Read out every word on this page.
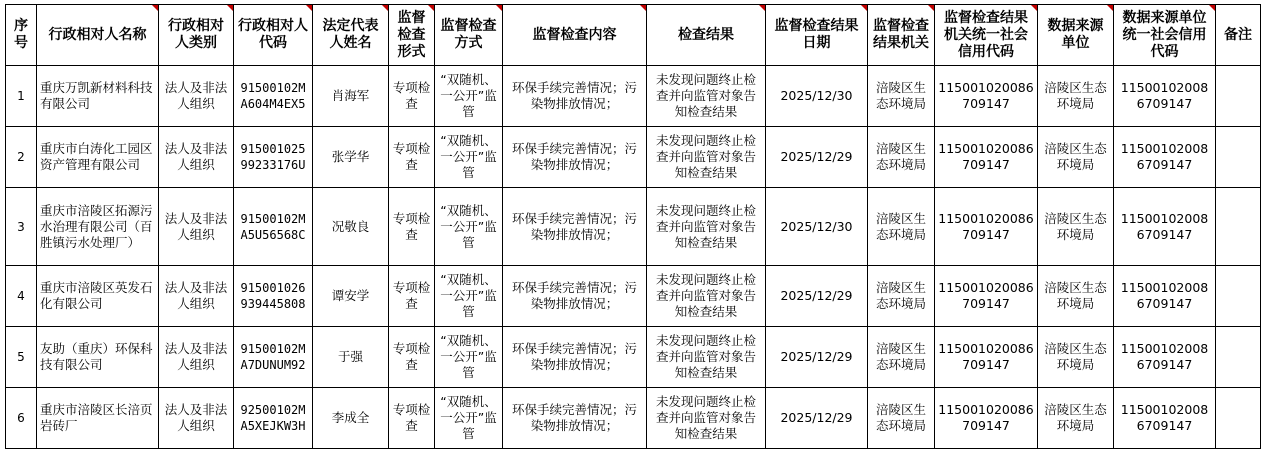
序号	行政相对人名称	行政相对人类别	行政相对人代码	法定代表人姓名	监督检查形式	监督检查方式	监督检查内容	检查结果	监督检查结果日期	监督检查结果机关	监督检查结果机关统一社会信用代码	数据来源单位	数据来源单位统一社会信用代码	备注
1	重庆万凯新材料科技有限公司	法人及非法人组织	91500102MA604M4EX5	肖海军	专项检查	“双随机、一公开”监管	环保手续完善情况；污染物排放情况；	未发现问题终止检查并向监管对象告知检查结果	2025/12/30	涪陵区生态环境局	11500102008670914​7	涪陵区生态环境局	11500102008670914​7	
2	重庆市白涛化工园区资产管理有限公司	法人及非法人组织	91500102599233176U	张学华	专项检查	“双随机、一公开”监管	环保手续完善情况；污染物排放情况；	未发现问题终止检查并向监管对象告知检查结果	2025/12/29	涪陵区生态环境局	115001020086709147	涪陵区生态环境局	115001020086709147	
3	重庆市涪陵区拓源污水治理有限公司（百胜镇污水处理厂）	法人及非法人组织	91500102MA5U56568C	况敬良	专项检查	“双随机、一公开”监管	环保手续完善情况；污染物排放情况；	未发现问题终止检查并向监管对象告知检查结果	2025/12/30	涪陵区生态环境局	115001020086709147	涪陵区生态环境局	115001020086709147	
4	重庆市涪陵区英发石化有限公司	法人及非法人组织	915001026939445808	谭安学	专项检查	“双随机、一公开”监管	环保手续完善情况；污染物排放情况；	未发现问题终止检查并向监管对象告知检查结果	2025/12/29	涪陵区生态环境局	115001020086709147	涪陵区生态环境局	115001020086709147	
5	友助（重庆）环保科技有限公司	法人及非法人组织	91500102MA7DUNUM92	于强	专项检查	“双随机、一公开”监管	环保手续完善情况；污染物排放情况；	未发现问题终止检查并向监管对象告知检查结果	2025/12/29	涪陵区生态环境局	115001020086709147	涪陵区生态环境局	115001020086709147	
6	重庆市涪陵区长涪页岩砖厂	法人及非法人组织	92500102MA5XEJKW3H	李成全	专项检查	“双随机、一公开”监管	环保手续完善情况；污染物排放情况；	未发现问题终止检查并向监管对象告知检查结果	2025/12/29	涪陵区生态环境局	115001020086709147	涪陵区生态环境局	115001020086709147	
